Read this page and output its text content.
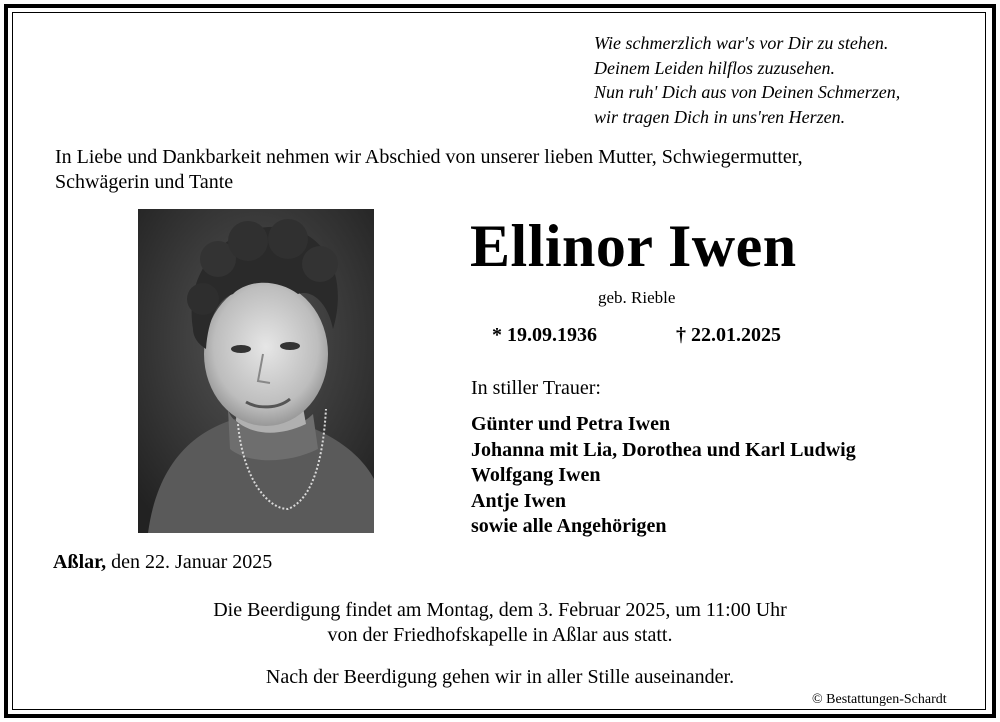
Wie schmerzlich war's vor Dir zu stehen.
Deinem Leiden hilflos zuzusehen.
Nun ruh' Dich aus von Deinen Schmerzen,
wir tragen Dich in uns'ren Herzen.
In Liebe und Dankbarkeit nehmen wir Abschied von unserer lieben Mutter, Schwiegermutter,
Schwägerin und Tante
Ellinor Iwen
geb. Rieble
* 19.09.1936	† 22.01.2025
In stiller Trauer:
Günter und Petra Iwen
Johanna mit Lia, Dorothea und Karl Ludwig
Wolfgang Iwen
Antje Iwen
sowie alle Angehörigen
Aßlar, den 22. Januar 2025
Die Beerdigung findet am Montag, dem 3. Februar 2025, um 11:00 Uhr
von der Friedhofskapelle in Aßlar aus statt.
Nach der Beerdigung gehen wir in aller Stille auseinander.
© Bestattungen-Schardt
